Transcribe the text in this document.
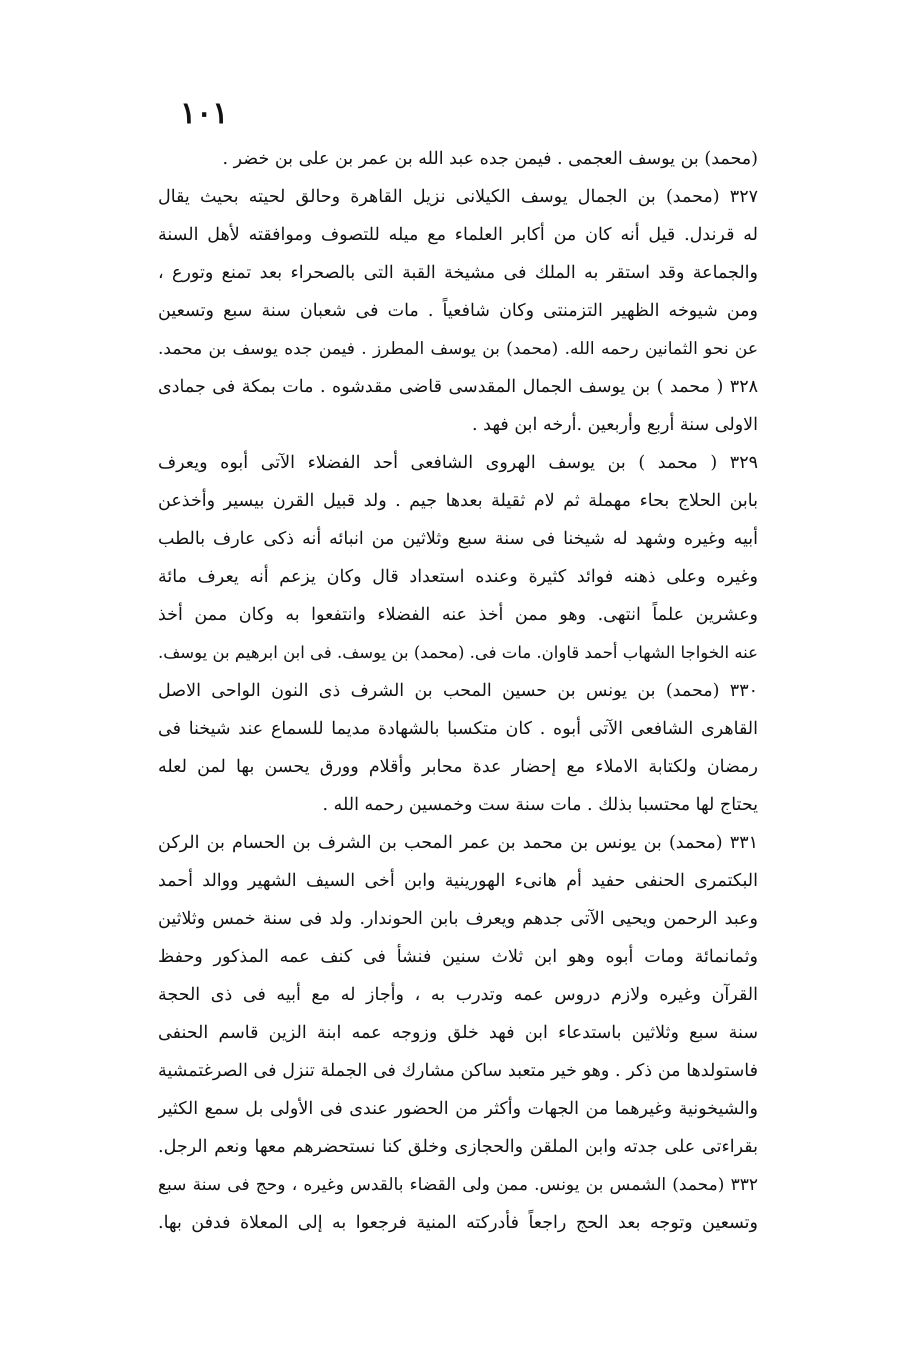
١٠١
(محمد) بن يوسف العجمى . فيمن جده عبد الله بن عمر بن على بن خضر .
٣٢٧ (محمد) بن الجمال يوسف الكيلانى نزيل القاهرة وحالق لحيته بحيث يقال
له قرندل. قيل أنه كان من أكابر العلماء مع ميله للتصوف وموافقته لأهل السنة
والجماعة وقد استقر به الملك فى مشيخة القبة التى بالصحراء بعد تمنع وتورع ،
ومن شيوخه الظهير التزمنتى وكان شافعياً . مات فى شعبان سنة سبع وتسعين
عن نحو الثمانين رحمه الله. (محمد) بن يوسف المطرز . فيمن جده يوسف بن محمد.
٣٢٨ ( محمد ) بن يوسف الجمال المقدسى قاضى مقدشوه . مات بمكة فى جمادى
الاولى سنة أربع وأربعين .أرخه ابن فهد .
٣٢٩ ( محمد ) بن يوسف الهروى الشافعى أحد الفضلاء الآتى أبوه ويعرف
بابن الحلاج بحاء مهملة ثم لام ثقيلة بعدها جيم . ولد قبيل القرن بيسير وأخذعن
أبيه وغيره وشهد له شيخنا فى سنة سبع وثلاثين من انبائه أنه ذكى عارف بالطب
وغيره وعلى ذهنه فوائد كثيرة وعنده استعداد قال وكان يزعم أنه يعرف مائة
وعشرين علماً انتهى. وهو ممن أخذ عنه الفضلاء وانتفعوا به وكان ممن أخذ
عنه الخواجا الشهاب أحمد قاوان. مات فى. (محمد) بن يوسف. فى ابن ابرهيم بن يوسف.
٣٣٠ (محمد) بن يونس بن حسين المحب بن الشرف ذى النون الواحى الاصل
القاهرى الشافعى الآتى أبوه . كان متكسبا بالشهادة مديما للسماع عند شيخنا فى
رمضان ولكتابة الاملاء مع إحضار عدة محابر وأقلام وورق يحسن بها لمن لعله
يحتاج لها محتسبا بذلك . مات سنة ست وخمسين رحمه الله .
٣٣١ (محمد) بن يونس بن محمد بن عمر المحب بن الشرف بن الحسام بن الركن
البكتمرى الحنفى حفيد أم هانىء الهورينية وابن أخى السيف الشهير ووالد أحمد
وعبد الرحمن ويحيى الآتى جدهم ويعرف بابن الحوندار. ولد فى سنة خمس وثلاثين
وثمانمائة ومات أبوه وهو ابن ثلاث سنين فنشأ فى كنف عمه المذكور وحفظ
القرآن وغيره ولازم دروس عمه وتدرب به ، وأجاز له مع أبيه فى ذى الحجة
سنة سبع وثلاثين باستدعاء ابن فهد خلق وزوجه عمه ابنة الزين قاسم الحنفى
فاستولدها من ذكر . وهو خير متعبد ساكن مشارك فى الجملة تنزل فى الصرغتمشية
والشيخونية وغيرهما من الجهات وأكثر من الحضور عندى فى الأولى بل سمع الكثير
بقراءتى على جدته وابن الملقن والحجازى وخلق كنا نستحضرهم معها ونعم الرجل.
٣٣٢ (محمد) الشمس بن يونس. ممن ولى القضاء بالقدس وغيره ، وحج فى سنة سبع
وتسعين وتوجه بعد الحج راجعاً فأدركته المنية فرجعوا به إلى المعلاة فدفن بها.
